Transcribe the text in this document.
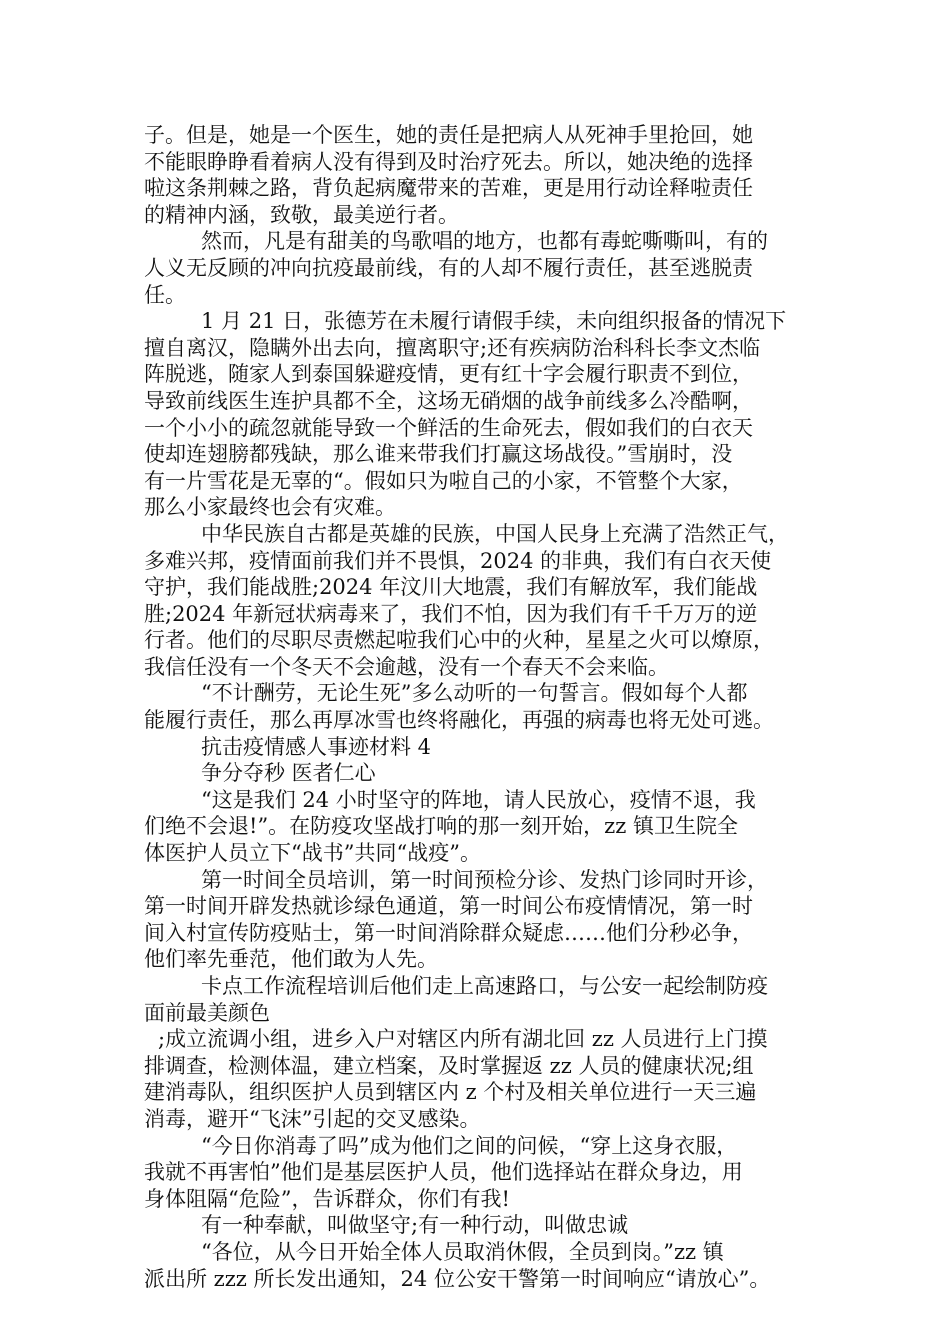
子。但是，她是一个医生，她的责任是把病人从死神手里抢回，她
不能眼睁睁看着病人没有得到及时治疗死去。所以，她决绝的选择
啦这条荆棘之路，背负起病魔带来的苦难，更是用行动诠释啦责任
的精神内涵，致敬，最美逆行者。
然而，凡是有甜美的鸟歌唱的地方，也都有毒蛇嘶嘶叫，有的
人义无反顾的冲向抗疫最前线，有的人却不履行责任，甚至逃脱责
任。
1 月 21 日，张德芳在未履行请假手续，未向组织报备的情况下
擅自离汉，隐瞒外出去向，擅离职守;还有疾病防治科科长李文杰临
阵脱逃，随家人到泰国躲避疫情，更有红十字会履行职责不到位，
导致前线医生连护具都不全，这场无硝烟的战争前线多么冷酷啊，
一个小小的疏忽就能导致一个鲜活的生命死去，假如我们的白衣天
使却连翅膀都残缺，那么谁来带我们打赢这场战役。”雪崩时，没
有一片雪花是无辜的“。假如只为啦自己的小家，不管整个大家，
那么小家最终也会有灾难。
中华民族自古都是英雄的民族，中国人民身上充满了浩然正气，
多难兴邦，疫情面前我们并不畏惧，2024 的非典，我们有白衣天使
守护，我们能战胜;2024 年汶川大地震，我们有解放军，我们能战
胜;2024 年新冠状病毒来了，我们不怕，因为我们有千千万万的逆
行者。他们的尽职尽责燃起啦我们心中的火种，星星之火可以燎原，
我信任没有一个冬天不会逾越，没有一个春天不会来临。
“不计酬劳，无论生死”多么动听的一句誓言。假如每个人都
能履行责任，那么再厚冰雪也终将融化，再强的病毒也将无处可逃。
抗击疫情感人事迹材料 4
争分夺秒 医者仁心
“这是我们 24 小时坚守的阵地，请人民放心，疫情不退，我
们绝不会退!”。在防疫攻坚战打响的那一刻开始，zz 镇卫生院全
体医护人员立下“战书”共同“战疫”。
第一时间全员培训，第一时间预检分诊、发热门诊同时开诊，
第一时间开辟发热就诊绿色通道，第一时间公布疫情情况，第一时
间入村宣传防疫贴士，第一时间消除群众疑虑……他们分秒必争，
他们率先垂范，他们敢为人先。
卡点工作流程培训后他们走上高速路口，与公安一起绘制防疫
面前最美颜色
;成立流调小组，进乡入户对辖区内所有湖北回 zz 人员进行上门摸
排调查，检测体温，建立档案，及时掌握返 zz 人员的健康状况;组
建消毒队，组织医护人员到辖区内 z 个村及相关单位进行一天三遍
消毒，避开“飞沫”引起的交叉感染。
“今日你消毒了吗”成为他们之间的问候，“穿上这身衣服，
我就不再害怕”他们是基层医护人员，他们选择站在群众身边，用
身体阻隔“危险”，告诉群众，你们有我!
有一种奉献，叫做坚守;有一种行动，叫做忠诚
“各位，从今日开始全体人员取消休假，全员到岗。”zz 镇
派出所 zzz 所长发出通知，24 位公安干警第一时间响应“请放心”。
